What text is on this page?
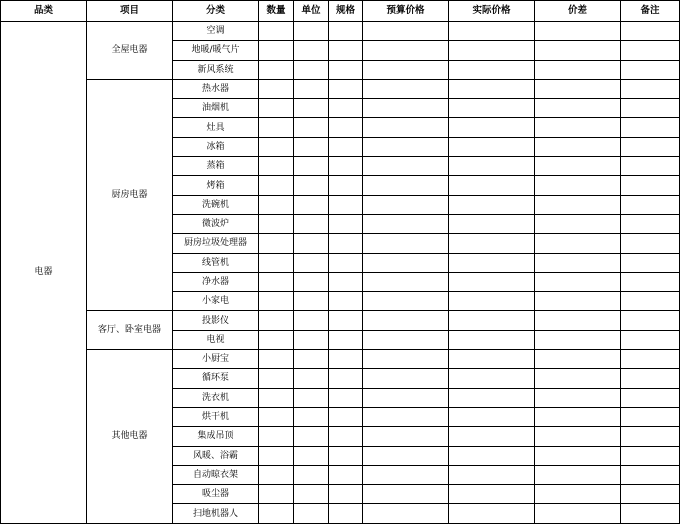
品类	项目	分类	数量	单位	规格	预算价格	实际价格	价差	备注
电器	全屋电器	空调							
		地暖/暖气片							
		新风系统							
	厨房电器	热水器							
		油烟机							
		灶具							
		冰箱							
		蒸箱							
		烤箱							
		洗碗机							
		微波炉							
		厨房垃圾处理器							
		线管机							
		净水器							
		小家电							
	客厅、卧室电器	投影仪							
		电视							
	其他电器	小厨宝							
		循环泵							
		洗衣机							
		烘干机							
		集成吊顶							
		风暖、浴霸							
		自动晾衣架							
		吸尘器							
		扫地机器人							
